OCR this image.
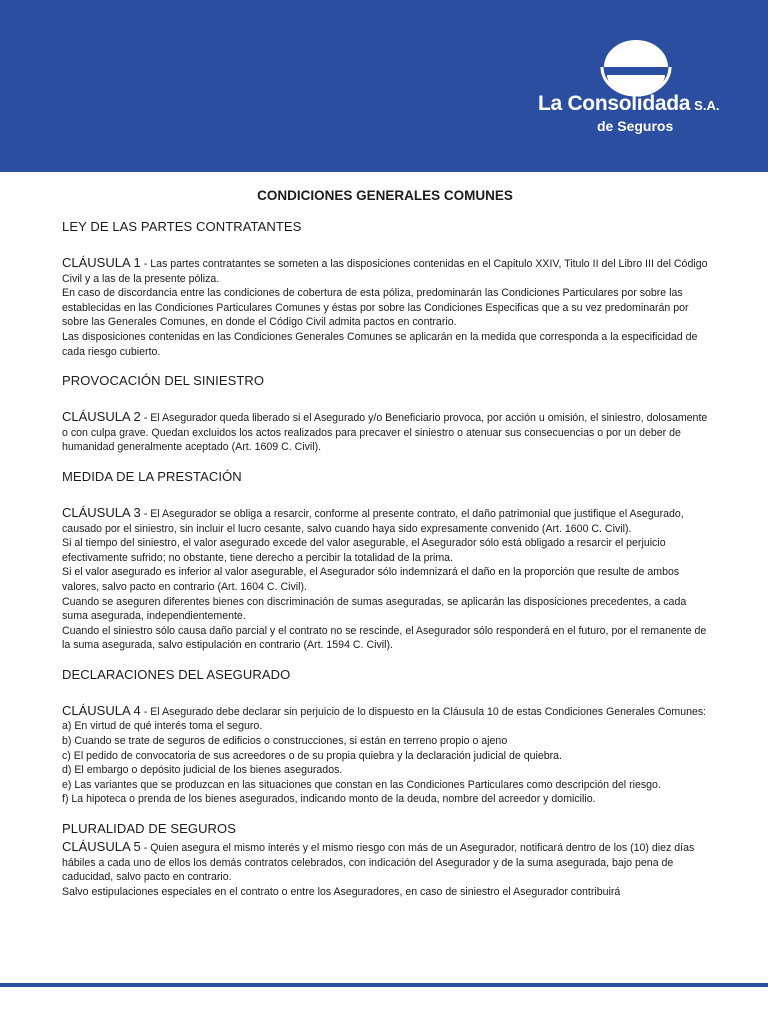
La Consolidada S.A.
de Seguros
CONDICIONES GENERALES COMUNES
LEY DE LAS PARTES CONTRATANTES

CLÁUSULA 1 - Las partes contratantes se someten a las disposiciones contenidas en el Capitulo XXIV, Titulo II del Libro III del Código Civil y a las de la presente póliza.

En caso de discordancia entre las condiciones de cobertura de esta póliza, predominarán las Condiciones Particulares por sobre las establecidas en las Condiciones Particulares Comunes y éstas por sobre las Condiciones Especificas que a su vez predominarán por sobre las Generales Comunes, en donde el Código Civil admita pactos en contrario.

Las disposiciones contenidas en las Condiciones Generales Comunes se aplicarán en la medida que corresponda a la especificidad de cada riesgo cubierto.

PROVOCACIÓN DEL SINIESTRO

CLÁUSULA 2 - El Asegurador queda liberado si el Asegurado y/o Beneficiario provoca, por acción u omisión, el siniestro, dolosamente o con culpa grave. Quedan excluidos los actos realizados para precaver el siniestro o atenuar sus consecuencias o por un deber de humanidad generalmente aceptado (Art. 1609 C. Civil).

MEDIDA DE LA PRESTACIÓN

CLÁUSULA 3 - El Asegurador se obliga a resarcir, conforme al presente contrato, el daño patrimonial que justifique el Asegurado, causado por el siniestro, sin incluir el lucro cesante, salvo cuando haya sido expresamente convenido (Art. 1600 C. Civil).

Si al tiempo del siniestro, el valor asegurado excede del valor asegurable, el Asegurador sólo está obligado a resarcir el perjuicio efectivamente sufrido; no obstante, tiene derecho a percibir la totalidad de la prima.

Si el valor asegurado es inferior al valor asegurable, el Asegurador sólo indemnizará el daño en la proporción que resulte de ambos valores, salvo pacto en contrario (Art. 1604 C. Civil).

Cuando se aseguren diferentes bienes con discriminación de sumas aseguradas, se aplicarán las disposiciones precedentes, a cada suma asegurada, independientemente.

Cuando el siniestro sólo causa daño parcial y el contrato no se rescinde, el Asegurador sólo responderá en el futuro, por el remanente de la suma asegurada, salvo estipulación en contrario (Art. 1594 C. Civil).

DECLARACIONES DEL ASEGURADO

CLÁUSULA 4 - El Asegurado debe declarar sin perjuicio de lo dispuesto en la Cláusula 10 de estas Condiciones Generales Comunes:

a) En virtud de qué interés toma el seguro.

b) Cuando se trate de seguros de edificios o construcciones, si están en terreno propio o ajeno

c) El pedido de convocatoria de sus acreedores o de su propia quiebra y la declaración judicial de quiebra.

d) El embargo o depósito judicial de los bienes asegurados.

e) Las variantes que se produzcan en las situaciones que constan en las Condiciones Particulares como descripción del riesgo.

f) La hipoteca o prenda de los bienes asegurados, indicando monto de la deuda, nombre del acreedor y domicilio.

PLURALIDAD DE SEGUROS

CLÁUSULA 5 - Quien asegura el mismo interés y el mismo riesgo con más de un Asegurador, notificará dentro de los (10) diez días hábiles a cada uno de ellos los demás contratos celebrados, con indicación del Asegurador y de la suma asegurada, bajo pena de caducidad, salvo pacto en contrario.

Salvo estipulaciones especiales en el contrato o entre los Aseguradores, en caso de siniestro el Asegurador contribuirá
